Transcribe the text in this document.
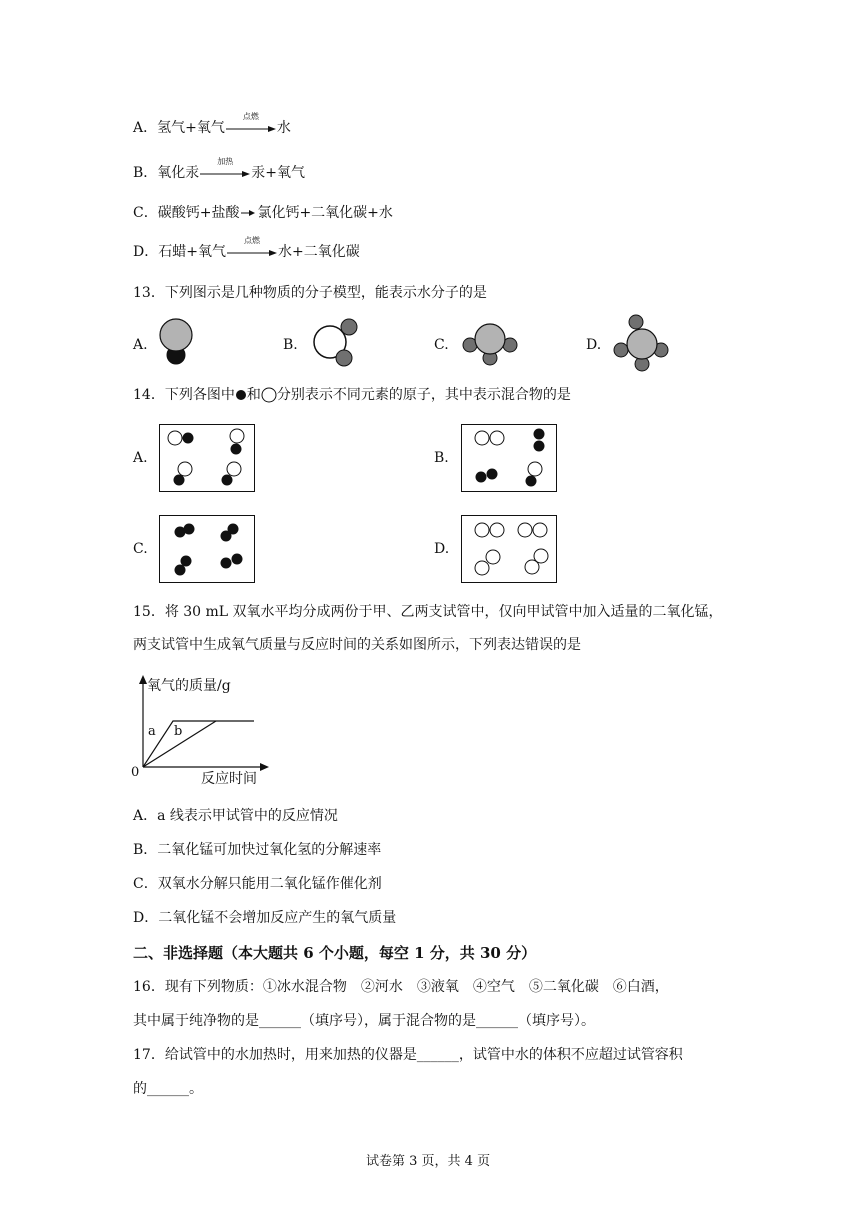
A．氢气+氧气
点燃
水
B．氧化汞
加热
汞+氧气
C．碳酸钙+盐酸 → 氯化钙+二氧化碳+水
D．石蜡+氧气
点燃
水+二氧化碳
13．下列图示是几种物质的分子模型，能表示水分子的是
A.	B.	C.	D.
14．下列各图中 和 分别表示不同元素的原子，其中表示混合物的是
A.	B.
C.	D.
15．将 30 mL 双氧水平均分成两份于甲、乙两支试管中，仅向甲试管中加入适量的二氧化锰，
两支试管中生成氧气质量与反应时间的关系如图所示，下列表达错误的是
氧气的质量/g
反应时间
0
a b
A．a 线表示甲试管中的反应情况
B．二氧化锰可加快过氧化氢的分解速率
C．双氧水分解只能用二氧化锰作催化剂
D．二氧化锰不会增加反应产生的氧气质量
二、非选择题（本大题共 6 个小题，每空 1 分，共 30 分）
16．现有下列物质：①冰水混合物　②河水　③液氧　④空气　⑤二氧化碳　⑥白酒，
其中属于纯净物的是______（填序号），属于混合物的是______（填序号）。
17．给试管中的水加热时，用来加热的仪器是______，试管中水的体积不应超过试管容积
的______。
试卷第 3 页，共 4 页
